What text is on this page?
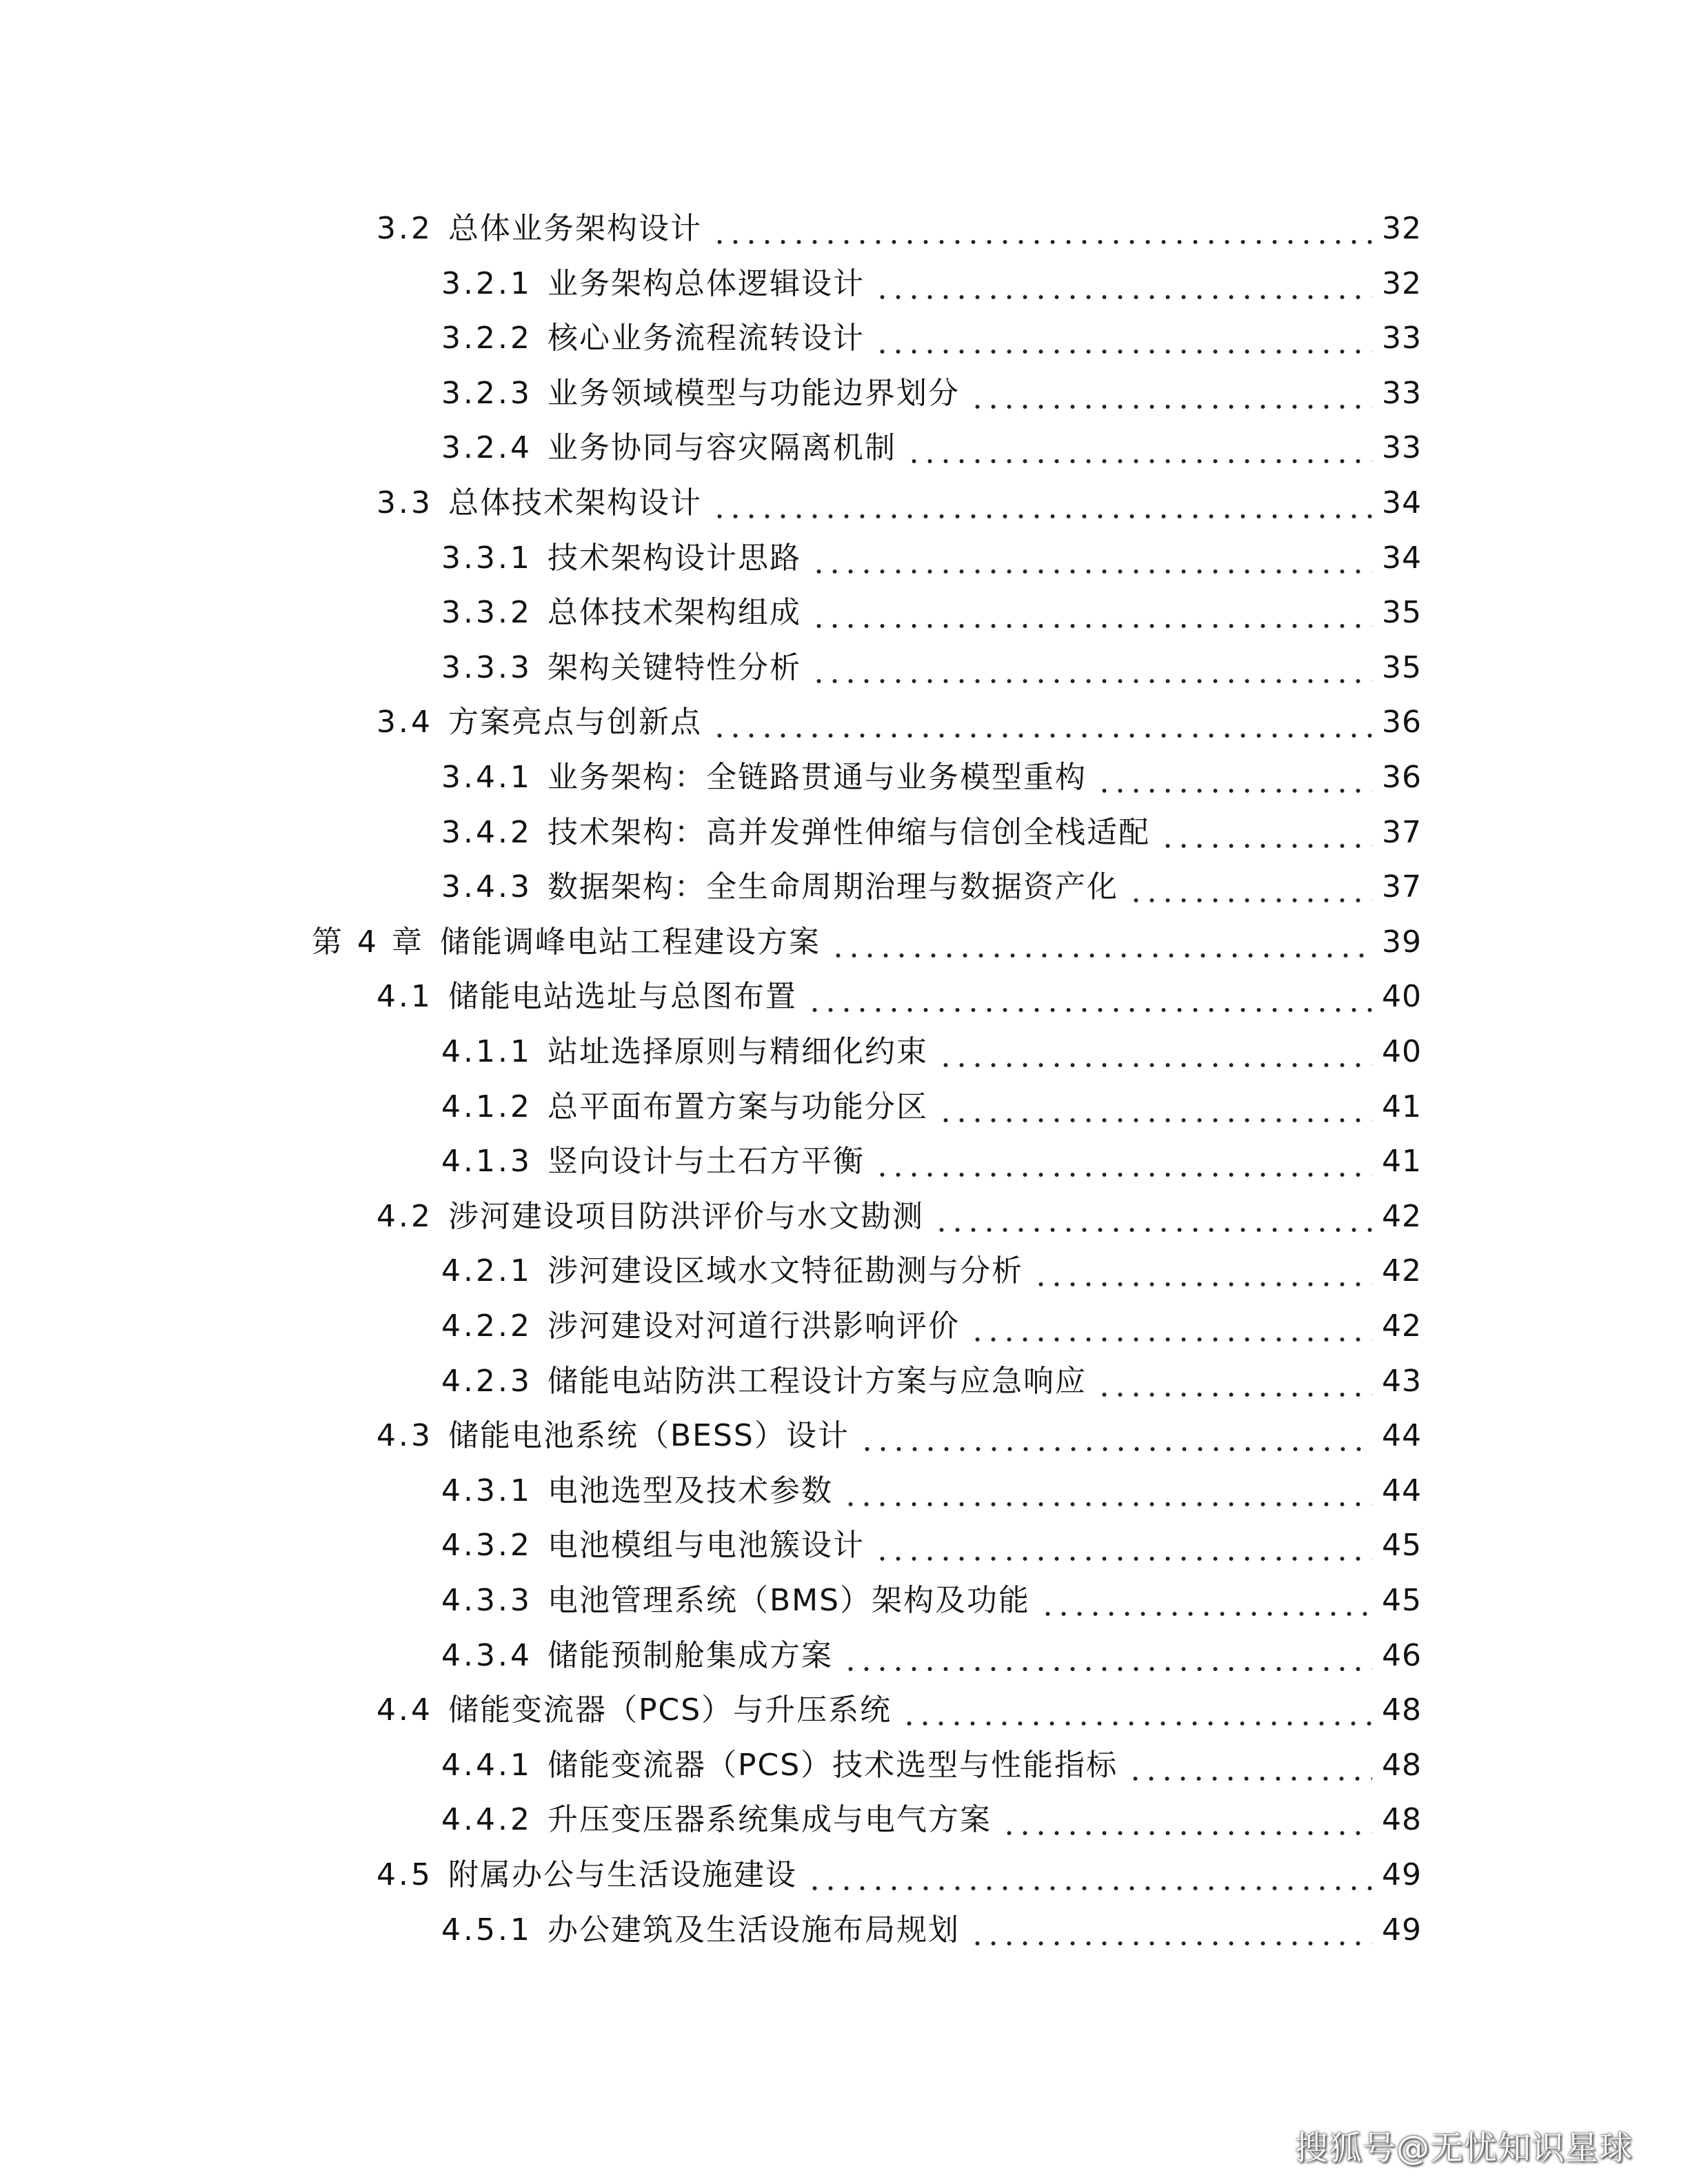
3.2 总体业务架构设计	32
3.2.1 业务架构总体逻辑设计	32
3.2.2 核心业务流程流转设计	33
3.2.3 业务领域模型与功能边界划分	33
3.2.4 业务协同与容灾隔离机制	33
3.3 总体技术架构设计	34
3.3.1 技术架构设计思路	34
3.3.2 总体技术架构组成	35
3.3.3 架构关键特性分析	35
3.4 方案亮点与创新点	36
3.4.1 业务架构：全链路贯通与业务模型重构	36
3.4.2 技术架构：高并发弹性伸缩与信创全栈适配	37
3.4.3 数据架构：全生命周期治理与数据资产化	37
第 4 章 储能调峰电站工程建设方案	39
4.1 储能电站选址与总图布置	40
4.1.1 站址选择原则与精细化约束	40
4.1.2 总平面布置方案与功能分区	41
4.1.3 竖向设计与土石方平衡	41
4.2 涉河建设项目防洪评价与水文勘测	42
4.2.1 涉河建设区域水文特征勘测与分析	42
4.2.2 涉河建设对河道行洪影响评价	42
4.2.3 储能电站防洪工程设计方案与应急响应	43
4.3 储能电池系统（BESS）设计	44
4.3.1 电池选型及技术参数	44
4.3.2 电池模组与电池簇设计	45
4.3.3 电池管理系统（BMS）架构及功能	45
4.3.4 储能预制舱集成方案	46
4.4 储能变流器（PCS）与升压系统	48
4.4.1 储能变流器（PCS）技术选型与性能指标	48
4.4.2 升压变压器系统集成与电气方案	48
4.5 附属办公与生活设施建设	49
4.5.1 办公建筑及生活设施布局规划	49
搜狐号@无忧知识星球
